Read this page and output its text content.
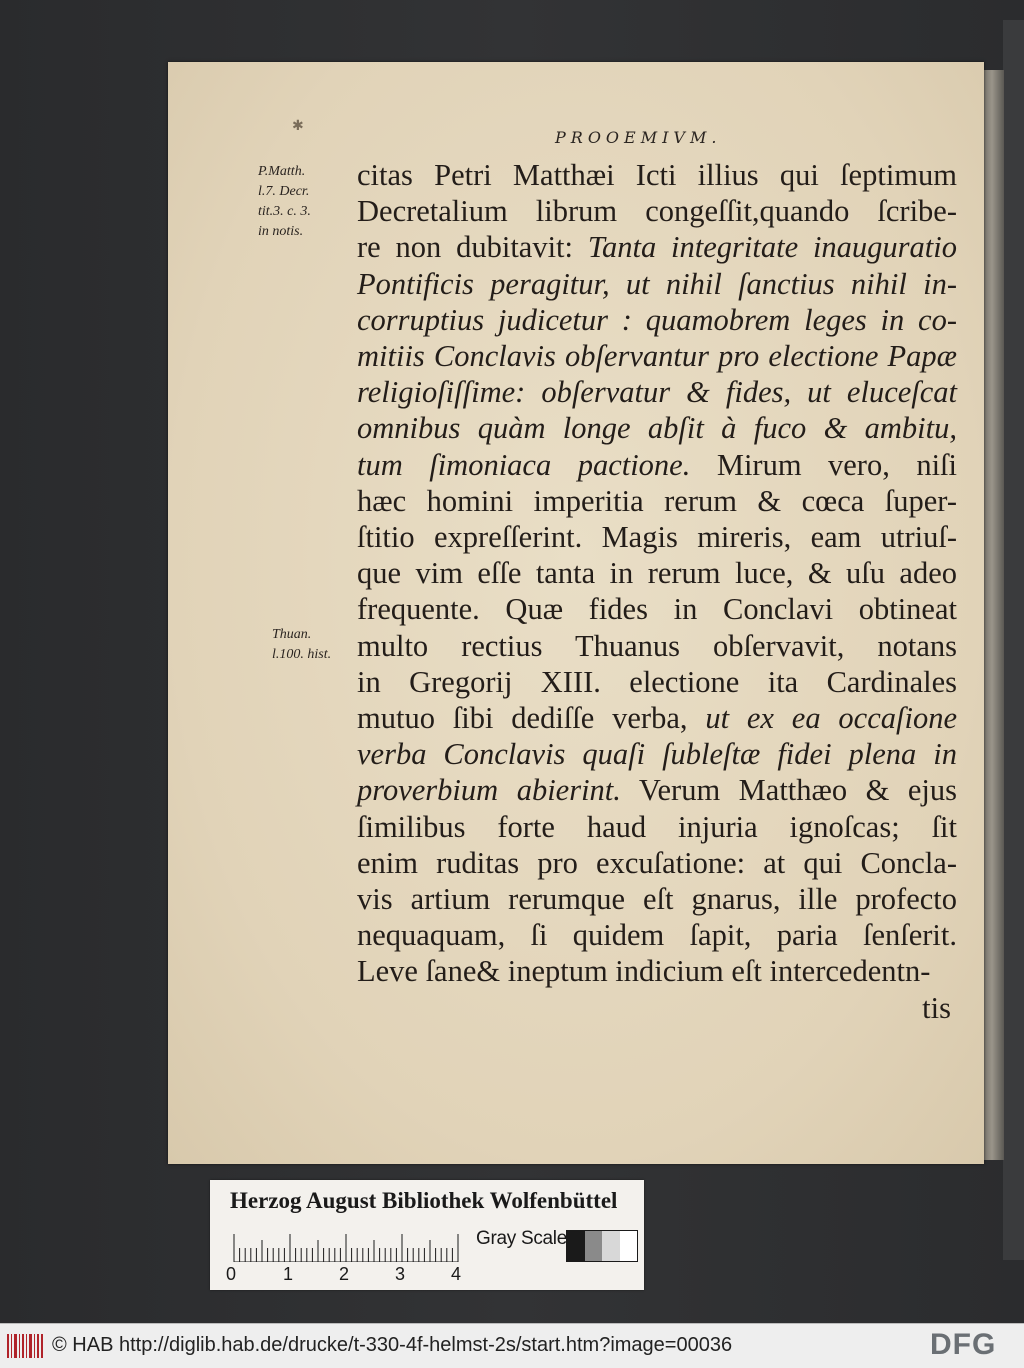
✱
PROOEMIVM.
P.Matth.
l.7. Decr.
tit.3. c. 3.
in notis.
Thuan.
l.100. hist.
citas Petri Matthæi Icti illius qui ſeptimum
Decretalium librum congeſſit,quando ſcribe-
re non dubitavit: Tanta integritate inauguratio
Pontificis peragitur, ut nihil ſanctius nihil in-
corruptius judicetur : quamobrem leges in co-
mitiis Conclavis obſervantur pro electione Papæ
religioſiſſime: obſervatur & fides, ut eluceſcat
omnibus quàm longe abſit à fuco & ambitu,
tum ſimoniaca pactione. Mirum vero, niſi
hæc homini imperitia rerum & cœca ſuper-
ſtitio expreſſerint. Magis mireris, eam utriuſ-
que vim eſſe tanta in rerum luce, & uſu adeo
frequente. Quæ fides in Conclavi obtineat
multo rectius Thuanus obſervavit, notans
in Gregorij XIII. electione ita Cardinales
mutuo ſibi dediſſe verba, ut ex ea occaſione
verba Conclavis quaſi ſubleſtæ fidei plena in
proverbium abierint. Verum Matthæo & ejus
ſimilibus forte haud injuria ignoſcas; ſit
enim ruditas pro excuſatione: at qui Concla-
vis artium rerumque eſt gnarus, ille profecto
nequaquam, ſi quidem ſapit, paria ſenſerit.
Leve ſane& ineptum indicium eſt intercedentn-
tis
Herzog August Bibliothek Wolfenbüttel
0	1	2	3	4
Gray Scale
© HAB http://diglib.hab.de/drucke/t-330-4f-helmst-2s/start.htm?image=00036	DFG
